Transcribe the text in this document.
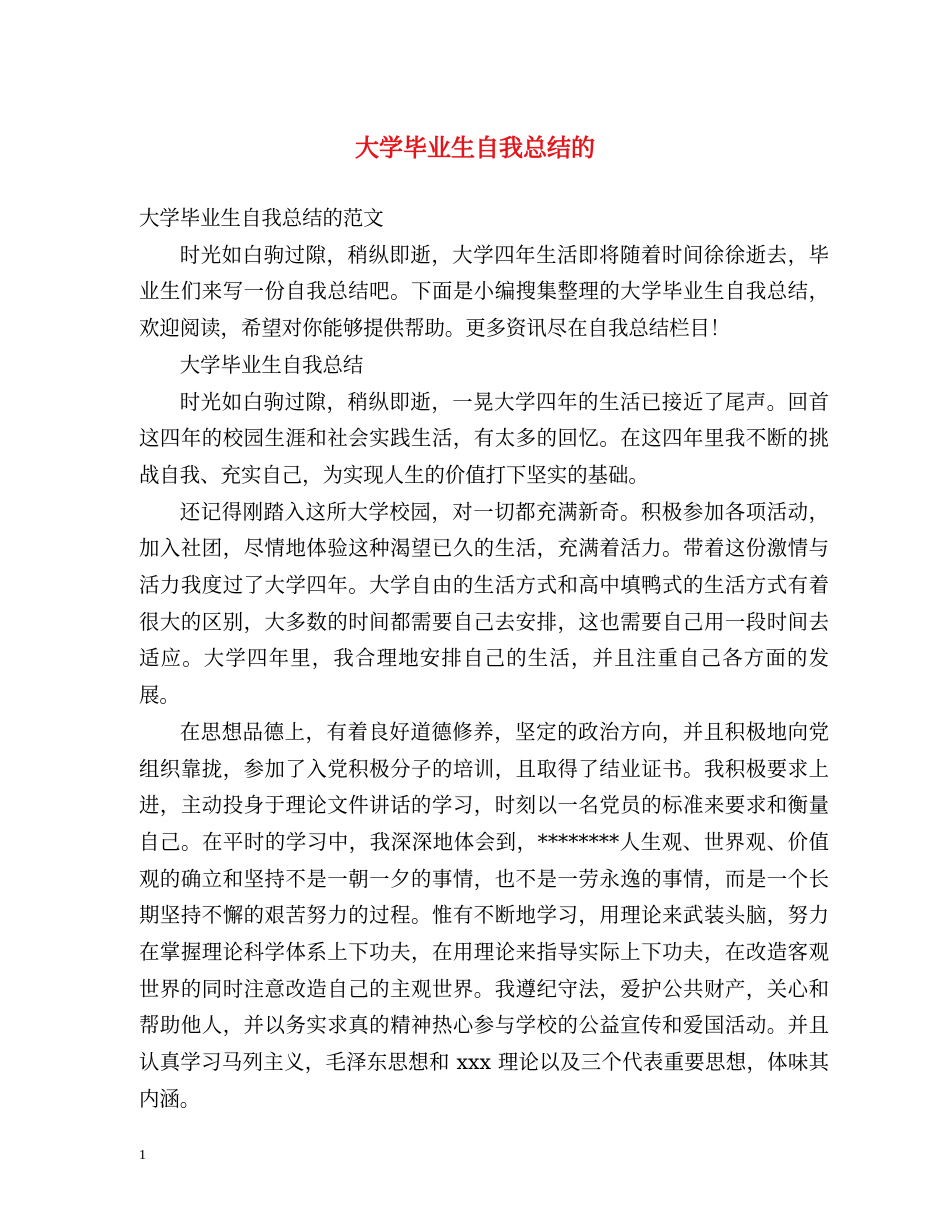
大学毕业生自我总结的

大学毕业生自我总结的范文

时光如白驹过隙，稍纵即逝，大学四年生活即将随着时间徐徐逝去，毕业生们来写一份自我总结吧。下面是小编搜集整理的大学毕业生自我总结，欢迎阅读，希望对你能够提供帮助。更多资讯尽在自我总结栏目！

大学毕业生自我总结

时光如白驹过隙，稍纵即逝，一晃大学四年的生活已接近了尾声。回首这四年的校园生涯和社会实践生活，有太多的回忆。在这四年里我不断的挑战自我、充实自己，为实现人生的价值打下坚实的基础。

还记得刚踏入这所大学校园，对一切都充满新奇。积极参加各项活动，加入社团，尽情地体验这种渴望已久的生活，充满着活力。带着这份激情与活力我度过了大学四年。大学自由的生活方式和高中填鸭式的生活方式有着很大的区别，大多数的时间都需要自己去安排，这也需要自己用一段时间去适应。大学四年里，我合理地安排自己的生活，并且注重自己各方面的发展。

在思想品德上，有着良好道德修养，坚定的政治方向，并且积极地向党组织靠拢，参加了入党积极分子的培训，且取得了结业证书。我积极要求上进，主动投身于理论文件讲话的学习，时刻以一名党员的标准来要求和衡量自己。在平时的学习中，我深深地体会到，********人生观、世界观、价值观的确立和坚持不是一朝一夕的事情，也不是一劳永逸的事情，而是一个长期坚持不懈的艰苦努力的过程。惟有不断地学习，用理论来武装头脑，努力在掌握理论科学体系上下功夫，在用理论来指导实际上下功夫，在改造客观世界的同时注意改造自己的主观世界。我遵纪守法，爱护公共财产，关心和帮助他人，并以务实求真的精神热心参与学校的公益宣传和爱国活动。并且认真学习马列主义，毛泽东思想和 xxx 理论以及三个代表重要思想，体味其内涵。

1
